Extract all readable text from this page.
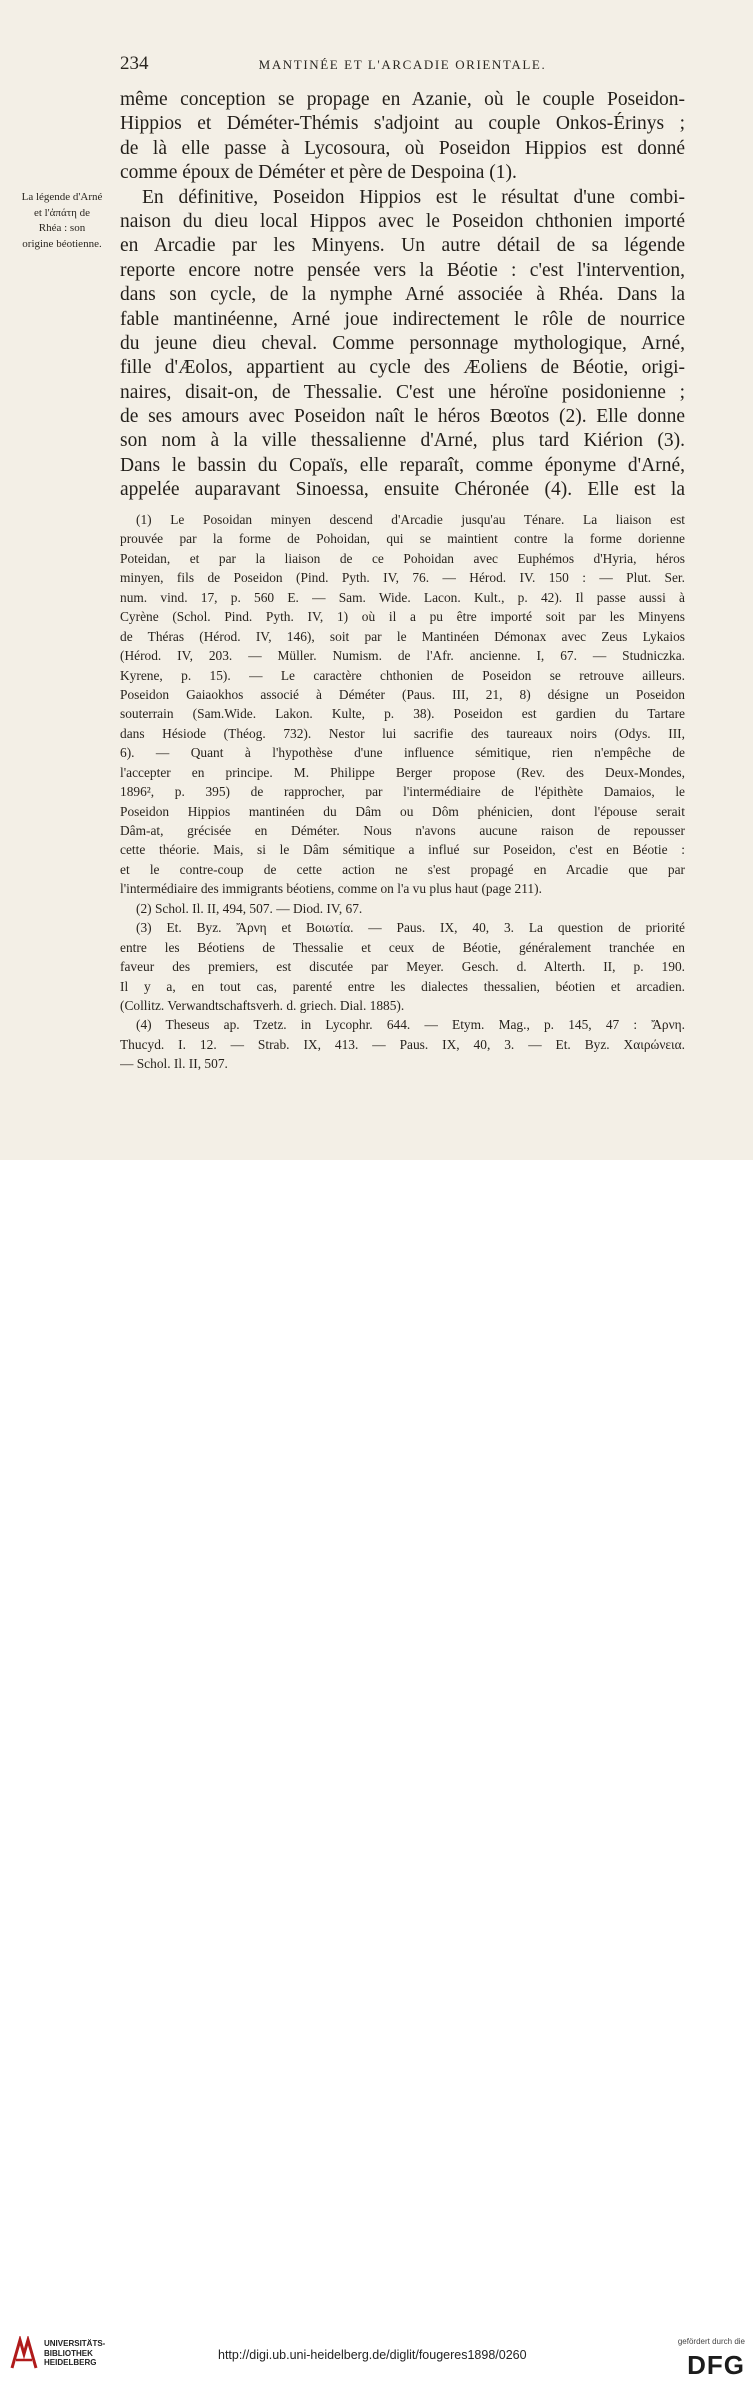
234	MANTINÉE ET L'ARCADIE ORIENTALE.
La légende d'Arné
et l'ἀπάτη de
Rhéa : son
origine béotienne.
même conception se propage en Azanie, où le couple Poseidon-
Hippios et Déméter-Thémis s'adjoint au couple Onkos-Érinys ;
de là elle passe à Lycosoura, où Poseidon Hippios est donné
comme époux de Déméter et père de Despoina (1).
En définitive, Poseidon Hippios est le résultat d'une combi-
naison du dieu local Hippos avec le Poseidon chthonien importé
en Arcadie par les Minyens. Un autre détail de sa légende
reporte encore notre pensée vers la Béotie : c'est l'intervention,
dans son cycle, de la nymphe Arné associée à Rhéa. Dans la
fable mantinéenne, Arné joue indirectement le rôle de nourrice
du jeune dieu cheval. Comme personnage mythologique, Arné,
fille d'Æolos, appartient au cycle des Æoliens de Béotie, origi-
naires, disait-on, de Thessalie. C'est une héroïne posidonienne ;
de ses amours avec Poseidon naît le héros Bœotos (2). Elle donne
son nom à la ville thessalienne d'Arné, plus tard Kiérion (3).
Dans le bassin du Copaïs, elle reparaît, comme éponyme d'Arné,
appelée auparavant Sinoessa, ensuite Chéronée (4). Elle est la
(1) Le Posoidan minyen descend d'Arcadie jusqu'au Ténare. La liaison est
prouvée par la forme de Pohoidan, qui se maintient contre la forme dorienne
Poteidan, et par la liaison de ce Pohoidan avec Euphémos d'Hyria, héros
minyen, fils de Poseidon (Pind. Pyth. IV, 76. — Hérod. IV. 150 : — Plut. Ser.
num. vind. 17, p. 560 E. — Sam. Wide. Lacon. Kult., p. 42). Il passe aussi à
Cyrène (Schol. Pind. Pyth. IV, 1) où il a pu être importé soit par les Minyens
de Théras (Hérod. IV, 146), soit par le Mantinéen Démonax avec Zeus Lykaios
(Hérod. IV, 203. — Müller. Numism. de l'Afr. ancienne. I, 67. — Studniczka.
Kyrene, p. 15). — Le caractère chthonien de Poseidon se retrouve ailleurs.
Poseidon Gaiaokhos associé à Déméter (Paus. III, 21, 8) désigne un Poseidon
souterrain (Sam.Wide. Lakon. Kulte, p. 38). Poseidon est gardien du Tartare
dans Hésiode (Théog. 732). Nestor lui sacrifie des taureaux noirs (Odys. III,
6). — Quant à l'hypothèse d'une influence sémitique, rien n'empêche de
l'accepter en principe. M. Philippe Berger propose (Rev. des Deux-Mondes,
1896², p. 395) de rapprocher, par l'intermédiaire de l'épithète Damaios, le
Poseidon Hippios mantinéen du Dâm ou Dôm phénicien, dont l'épouse serait
Dâm-at, grécisée en Déméter. Nous n'avons aucune raison de repousser
cette théorie. Mais, si le Dâm sémitique a influé sur Poseidon, c'est en Béotie :
et le contre-coup de cette action ne s'est propagé en Arcadie que par
l'intermédiaire des immigrants béotiens, comme on l'a vu plus haut (page 211).
(2) Schol. Il. II, 494, 507. — Diod. IV, 67.
(3) Et. Byz. Ἄρνη et Βοιωτία. — Paus. IX, 40, 3. La question de priorité
entre les Béotiens de Thessalie et ceux de Béotie, généralement tranchée en
faveur des premiers, est discutée par Meyer. Gesch. d. Alterth. II, p. 190.
Il y a, en tout cas, parenté entre les dialectes thessalien, béotien et arcadien.
(Collitz. Verwandtschaftsverh. d. griech. Dial. 1885).
(4) Theseus ap. Tzetz. in Lycophr. 644. — Etym. Mag., p. 145, 47 : Ἄρνη.
Thucyd. I. 12. — Strab. IX, 413. — Paus. IX, 40, 3. — Et. Byz. Χαιρώνεια.
— Schol. Il. II, 507.
UNIVERSITÄTS-
BIBLIOTHEK
HEIDELBERG
http://digi.ub.uni-heidelberg.de/diglit/fougeres1898/0260
gefördert durch die
DFG
